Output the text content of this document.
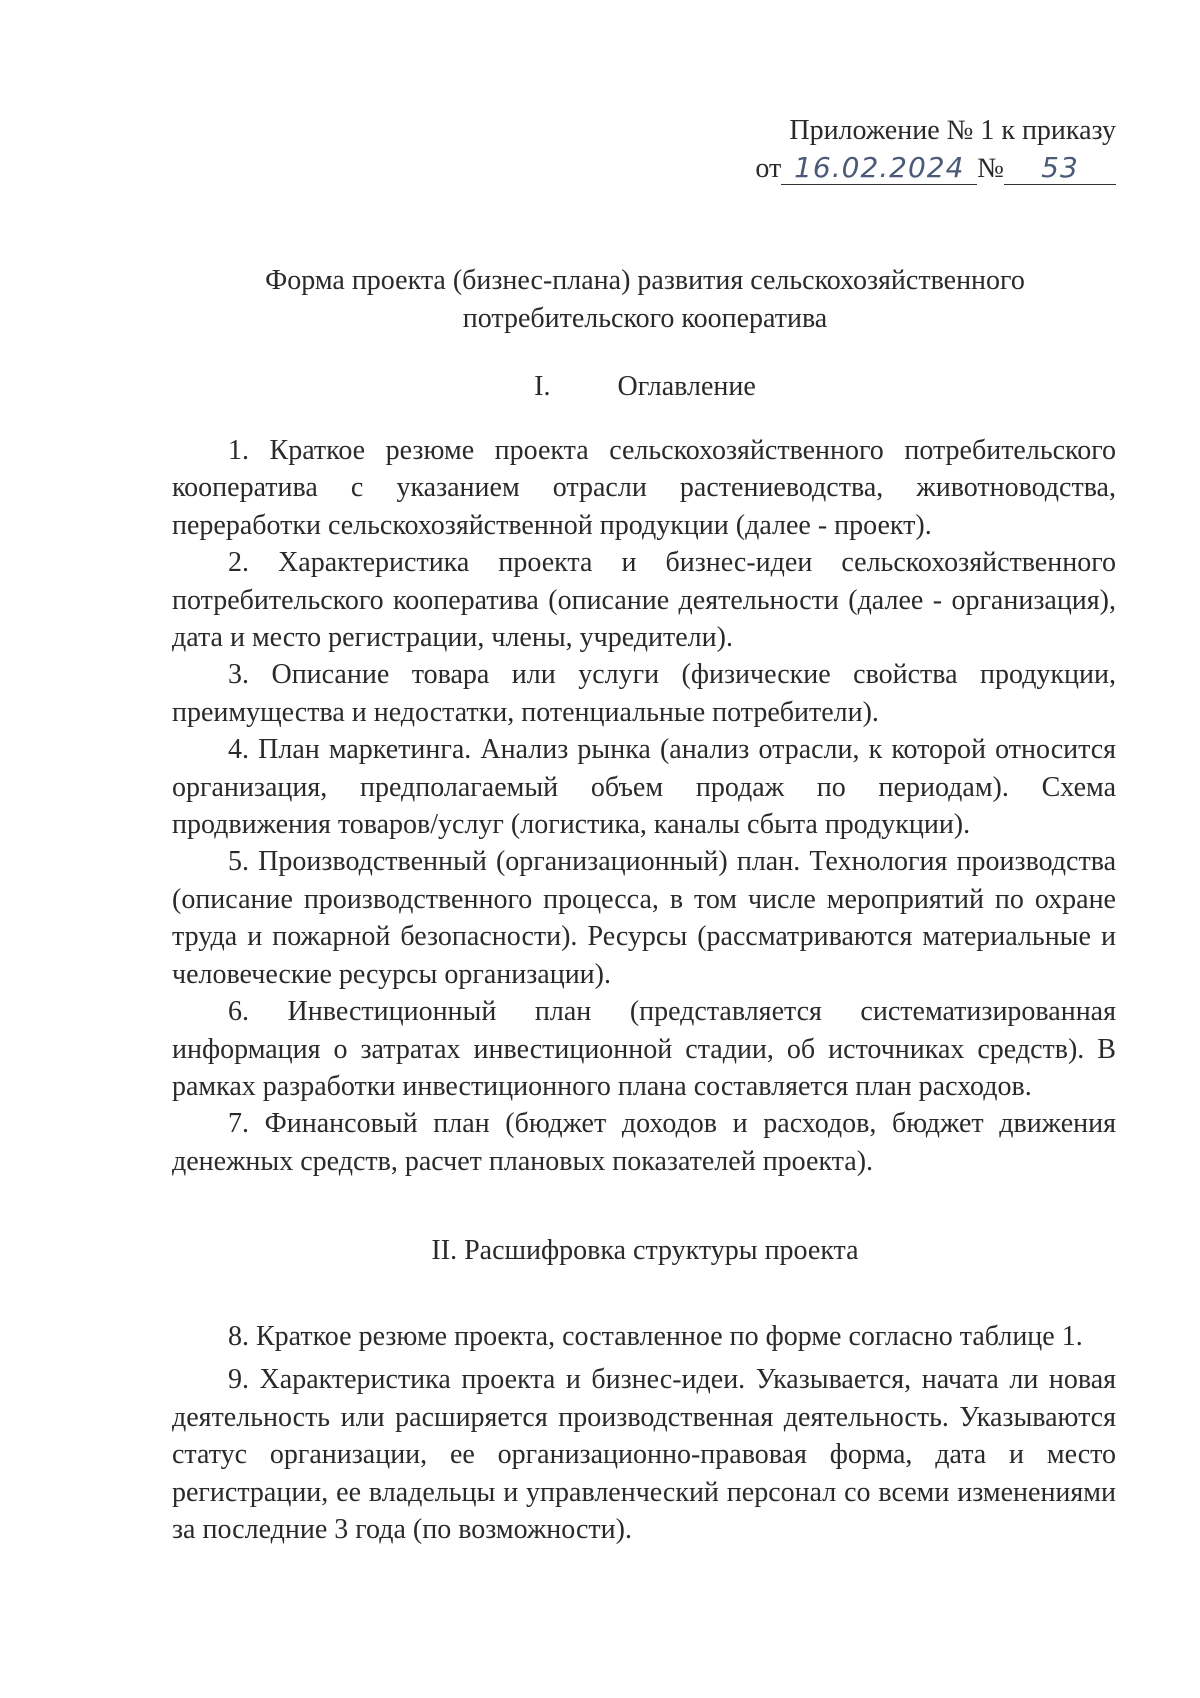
Приложение № 1 к приказу
от 16.02.2024 №	53
Форма проекта (бизнес-плана) развития сельскохозяйственного
потребительского кооператива
I. Оглавление

1. Краткое резюме проекта сельскохозяйственного потребительского кооператива с указанием отрасли растениеводства, животноводства, переработки сельскохозяйственной продукции (далее - проект).

2. Характеристика проекта и бизнес-идеи сельскохозяйственного потребительского кооператива (описание деятельности (далее - организация), дата и место регистрации, члены, учредители).

3. Описание товара или услуги (физические свойства продукции, преимущества и недостатки, потенциальные потребители).

4. План маркетинга. Анализ рынка (анализ отрасли, к которой относится организация, предполагаемый объем продаж по периодам). Схема продвижения товаров/услуг (логистика, каналы сбыта продукции).

5. Производственный (организационный) план. Технология производства (описание производственного процесса, в том числе мероприятий по охране труда и пожарной безопасности). Ресурсы (рассматриваются материальные и человеческие ресурсы организации).

6. Инвестиционный план (представляется систематизированная информация о затратах инвестиционной стадии, об источниках средств). В рамках разработки инвестиционного плана составляется план расходов.

7. Финансовый план (бюджет доходов и расходов, бюджет движения денежных средств, расчет плановых показателей проекта).

II. Расшифровка структуры проекта

8. Краткое резюме проекта, составленное по форме согласно таблице 1.

9. Характеристика проекта и бизнес-идеи. Указывается, начата ли новая деятельность или расширяется производственная деятельность. Указываются статус организации, ее организационно-правовая форма, дата и место регистрации, ее владельцы и управленческий персонал со всеми изменениями за последние 3 года (по возможности).
